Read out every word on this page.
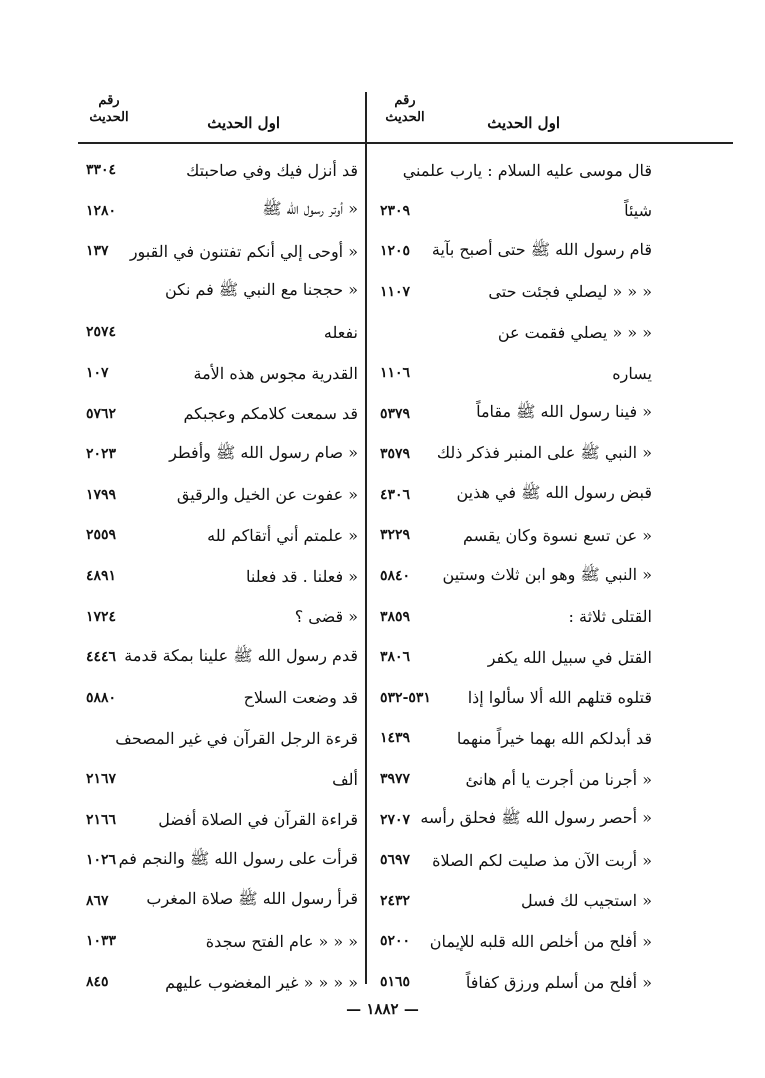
رقم
الحديث	اول الحديث
رقم
الحديث	اول الحديث
قال موسى عليه السلام : يارب علمني
شيئاً
٢٣٠٩
قام رسول الله ﷺ حتى أصبح بآية
١٢٠٥
« « « ليصلي فجئت حتى
١١٠٧
« « « يصلي فقمت عن
يساره
١١٠٦
« فينا رسول الله ﷺ مقاماً
٥٣٧٩
« النبي ﷺ على المنبر فذكر ذلك
٣٥٧٩
قبض رسول الله ﷺ في هذين
٤٣٠٦
« عن تسع نسوة وكان يقسم
٣٢٢٩
« النبي ﷺ وهو ابن ثلاث وستين
٥٨٤٠
القتلى ثلاثة :
٣٨٥٩
القتل في سبيل الله يكفر
٣٨٠٦
قتلوه قتلهم الله ألا سألوا إذا
٥٣١-٥٣٢
قد أبدلكم الله بهما خيراً منهما
١٤٣٩
« أجرنا من أجرت يا أم هانئ
٣٩٧٧
« أحصر رسول الله ﷺ فحلق رأسه
٢٧٠٧
« أربت الآن مذ صليت لكم الصلاة
٥٦٩٧
« استجيب لك فسل
٢٤٣٢
« أفلح من أخلص الله قلبه للإيمان
٥٢٠٠
« أفلح من أسلم ورزق كفافاً
٥١٦٥
قد أنزل فيك وفي صاحبتك
٣٣٠٤
« أوتر رسول الله ﷺ
١٢٨٠
« أوحى إلي أنكم تفتنون في القبور
١٣٧
« حججنا مع النبي ﷺ فم نكن
نفعله
٢٥٧٤
القدرية مجوس هذه الأمة
١٠٧
قد سمعت كلامكم وعجبكم
٥٧٦٢
« صام رسول الله ﷺ وأفطر
٢٠٢٣
« عفوت عن الخيل والرقيق
١٧٩٩
« علمتم أني أتقاكم لله
٢٥٥٩
« فعلنا . قد فعلنا
٤٨٩١
« قضى ؟
١٧٢٤
قدم رسول الله ﷺ علينا بمكة قدمة
٤٤٤٦
قد وضعت السلاح
٥٨٨٠
قرءة الرجل القرآن في غير المصحف
ألف
٢١٦٧
قراءة القرآن في الصلاة أفضل
٢١٦٦
قرأت على رسول الله ﷺ والنجم فم
١٠٢٦
قرأ رسول الله ﷺ صلاة المغرب
٨٦٧
« « « عام الفتح سجدة
١٠٣٣
« « « « غير المغضوب عليهم
٨٤٥
— ١٨٨٢ —
